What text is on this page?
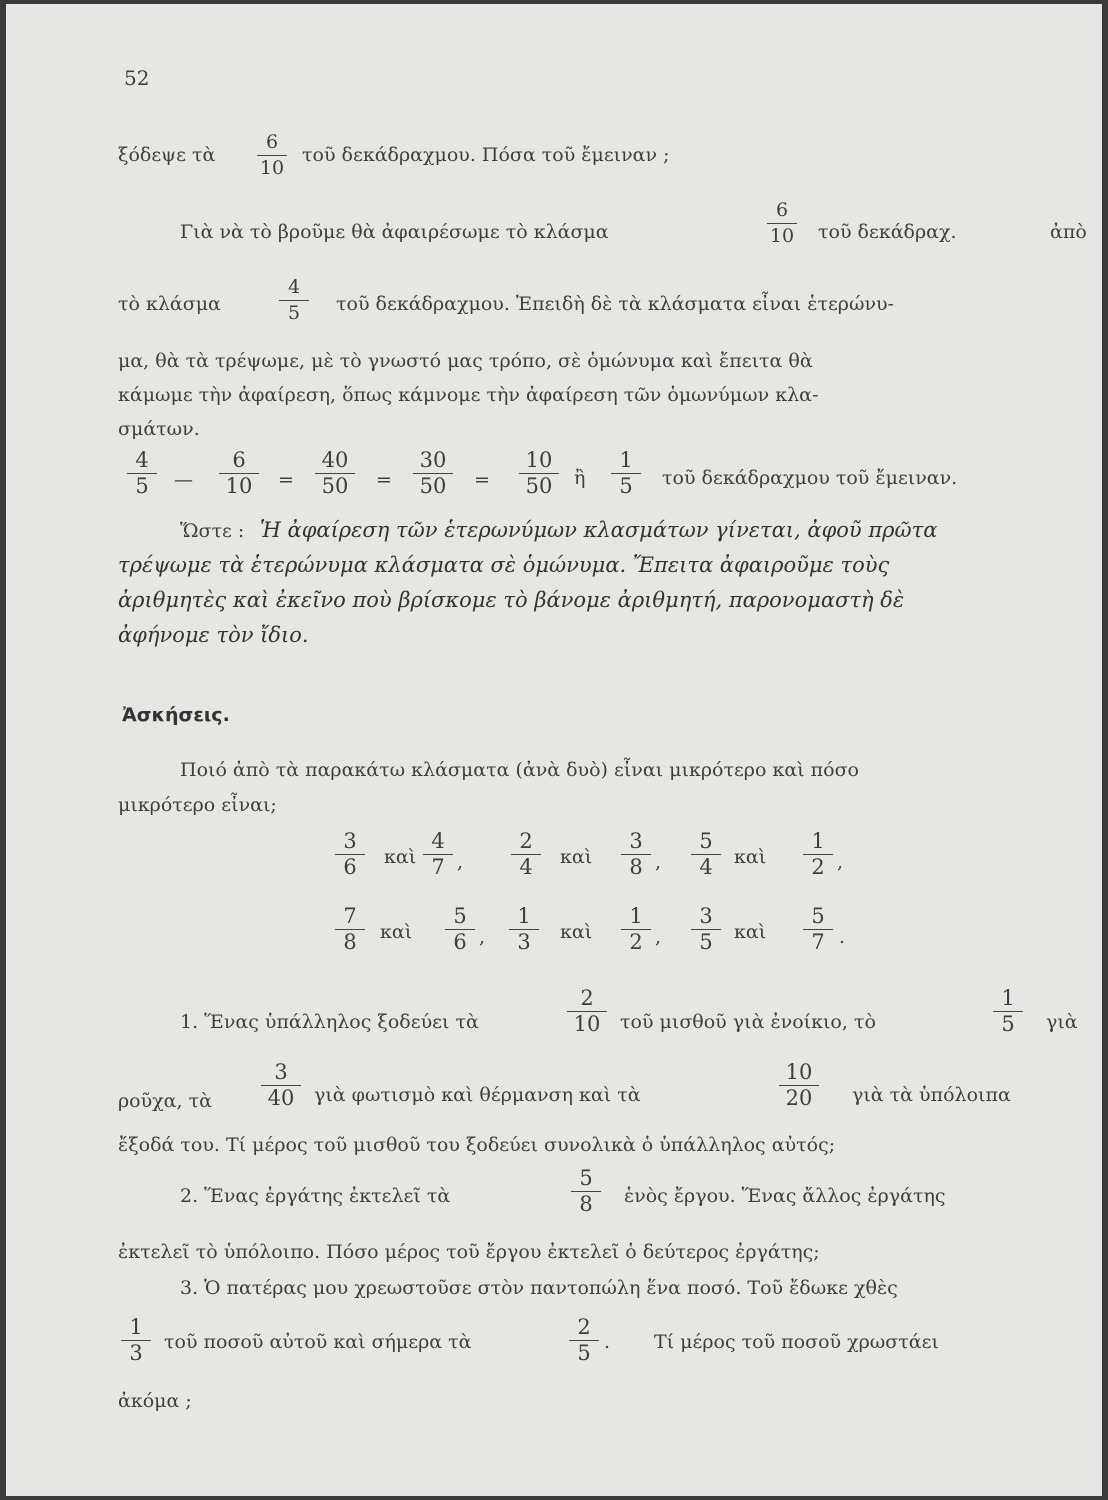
52
ξόδεψε τὰ
6
10
τοῦ δεκάδραχμου. Πόσα τοῦ ἔμειναν ;
Γιὰ νὰ τὸ βροῦμε θὰ ἀφαιρέσωμε τὸ κλάσμα
6
10	τοῦ δεκάδραχ.	ἀπὸ
τὸ κλάσμα
4
5	τοῦ δεκάδραχμου. Ἐπειδὴ δὲ τὰ κλάσματα εἶναι ἑτερώνυ-
μα, θὰ τὰ τρέψωμε, μὲ τὸ γνωστό μας τρόπο, σὲ ὁμώνυμα καὶ ἔπειτα θὰ
κάμωμε τὴν ἀφαίρεση, ὅπως κάμνομε τὴν ἀφαίρεση τῶν ὁμωνύμων κλα-
σμάτων.
4
5	—
6
10	=
40
50	=
30
50	=
10
50	ἢ
1
5	τοῦ δεκάδραχμου τοῦ ἔμειναν.
Ὥστε : Ἡ ἀφαίρεση τῶν ἑτερωνύμων κλασμάτων γίνεται, ἀφοῦ πρῶτα
τρέψωμε τὰ ἑτερώνυμα κλάσματα σὲ ὁμώνυμα. Ἔπειτα ἀφαιροῦμε τοὺς
ἀριθμητὲς καὶ ἐκεῖνο ποὺ βρίσκομε τὸ βάνομε ἀριθμητή, παρονομαστὴ δὲ
ἀφήνομε τὸν ἴδιο.
Ἀσκήσεις.
Ποιό ἀπὸ τὰ παρακάτω κλάσματα (ἀνὰ δυὸ) εἶναι μικρότερο καὶ πόσο
μικρότερο εἶναι;
3
6	καὶ
4
7 ,
2
4	καὶ
3
8 ,
5
4	καὶ
1
2 ,
7
8	καὶ
5
6 ,
1
3	καὶ
1
2 ,
3
5	καὶ
5
7 .
1. Ἕνας ὑπάλληλος ξοδεύει τὰ
2
10	τοῦ μισθοῦ γιὰ ἐνοίκιο, τὸ
1
5	γιὰ
ροῦχα, τὰ
3
40	γιὰ φωτισμὸ καὶ θέρμανση καὶ τὰ
10
20	γιὰ τὰ ὑπόλοιπα
ἔξοδά του. Τί μέρος τοῦ μισθοῦ του ξοδεύει συνολικὰ ὁ ὑπάλληλος αὐτός;
2. Ἕνας ἐργάτης ἐκτελεῖ τὰ
5
8	ἑνὸς ἔργου. Ἕνας ἄλλος ἐργάτης
ἐκτελεῖ τὸ ὑπόλοιπο. Πόσο μέρος τοῦ ἔργου ἐκτελεῖ ὁ δεύτερος ἐργάτης;
3. Ὁ πατέρας μου χρεωστοῦσε στὸν παντοπώλη ἕνα ποσό. Τοῦ ἔδωκε χθὲς
1
3	τοῦ ποσοῦ αὐτοῦ καὶ σήμερα τὰ
2
5 . Τί μέρος τοῦ ποσοῦ χρωστάει
ἀκόμα ;
